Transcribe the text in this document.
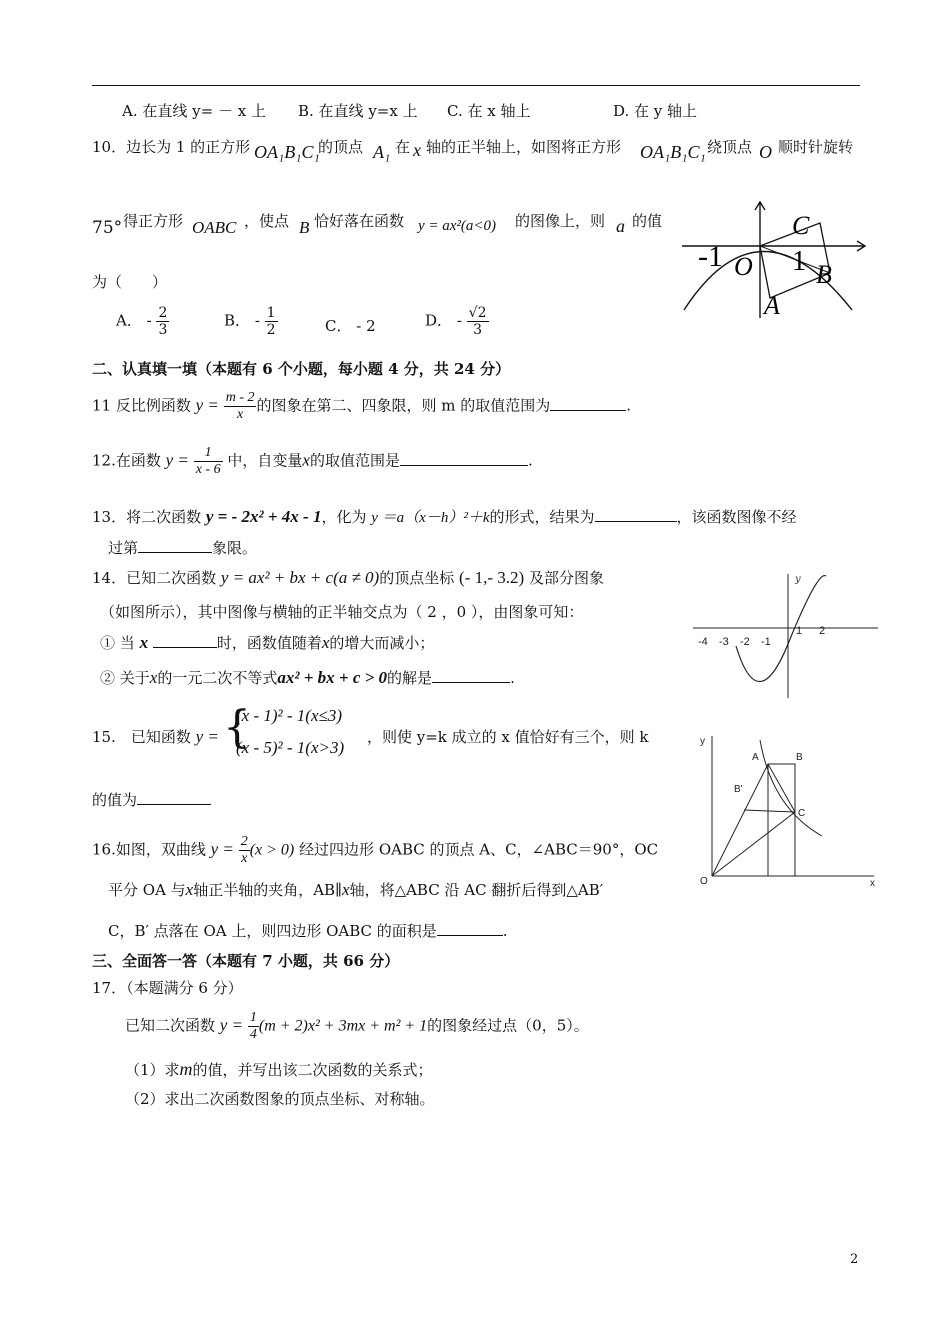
A. 在直线 y= － x 上 B. 在直线 y=x 上 C. 在 x 轴上	D. 在 y 轴上
10．边长为 1 的正方形 OA₁B₁C₁
的顶点 A₁ 在 x 轴的正半轴上，如图将正方形 OA₁B₁C₁ 绕顶点 O 顺时针旋转
75° 得正方形 OABC ，使点 B 恰好落在函数 y = ax²(a<0) 的图像上，则 a 的值
为（　　）
A． - $\frac{2}{3}$	B． - $\frac{1}{2}$	C． - 2	D． - $\frac{√2}{3}$
C
-1 O 1 B
A
二、认真填一填（本题有 6 个小题，每小题 4 分，共 24 分）
11 反比例函数 $y = \frac{m - 2}{x}$ 的图象在第二、四象限，则 m 的取值范围为	.
12.在函数 $y = \frac{1}{x - 6}$ 中，自变量x的取值范围是	.
13．将二次函数 y = - 2x² + 4x - 1，化为 y ＝a（x－h）²＋k的形式，结果为	，该函数图像不经
过第	象限。
14．已知二次函数 y = ax² + bx + c(a ≠ 0)的顶点坐标 (- 1,- 3.2) 及部分图象
（如图所示），其中图像与横轴的正半轴交点为（ 2 ，0 ），由图象可知：
① 当 x	时，函数值随着x的增大而减小；
② 关于x的一元二次不等式ax² + bx + c > 0的解是	.
y
-4 -3 -2 -1
1 2
15.　已知函数 y = {
(x - 1)² - 1(x≤3)
(x - 5)² - 1(x>3)
，则使 y=k 成立的 x 值恰好有三个，则 k
的值为
16.如图，双曲线 $y = \frac{2}{x} (x > 0)$ 经过四边形 OABC 的顶点 A、C，∠ABC＝90°，OC
平分 OA 与x轴正半轴的夹角，AB∥x轴，将△ABC 沿 AC 翻折后得到△AB′
C，B′ 点落在 OA 上，则四边形 OABC 的面积是	.
y
A	B
B'
C
O	x
三、全面答一答（本题有 7 小题，共 66 分）
17．（本题满分 6 分）
已知二次函数 $y = \frac{1}{4} (m + 2)x^2 + 3mx + m^2 + 1$的图象经过点（0，5）。
（1）求m的值，并写出该二次函数的关系式；
（2）求出二次函数图象的顶点坐标、对称轴。
2
